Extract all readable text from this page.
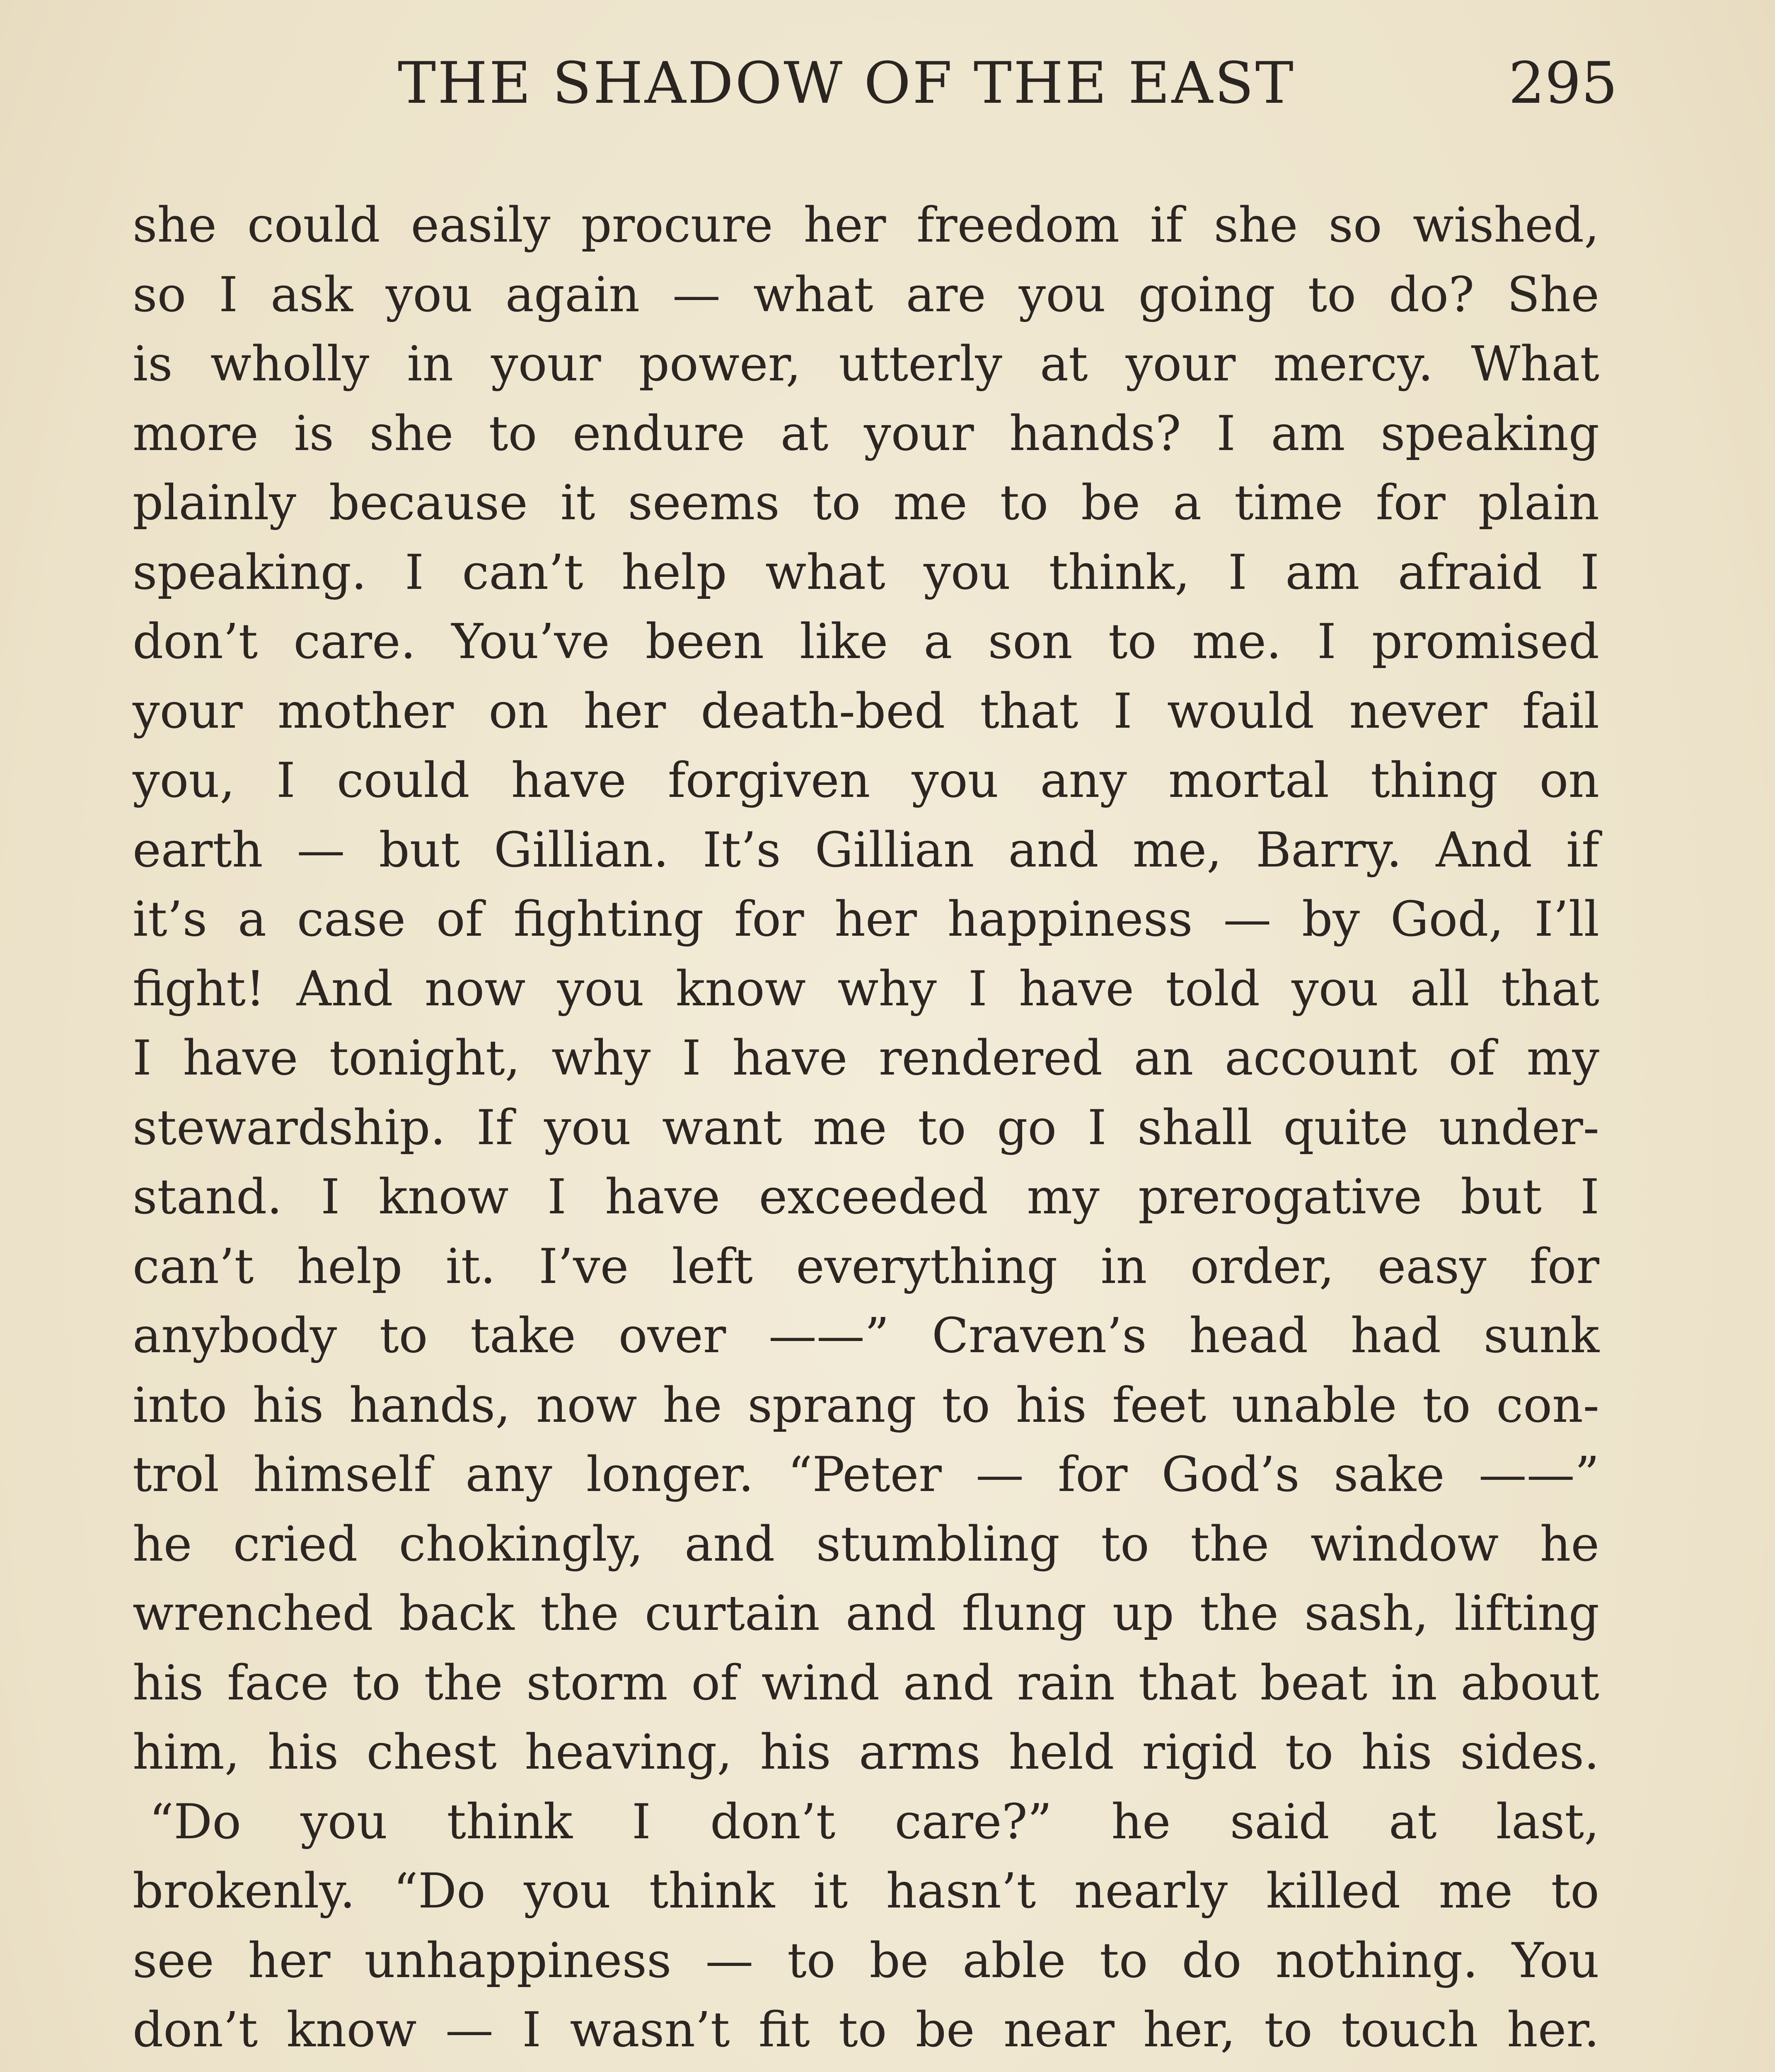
THE SHADOW OF THE EAST	295
she could easily procure her freedom if she so wished,
so I ask you again — what are you going to do? She
is wholly in your power, utterly at your mercy. What
more is she to endure at your hands? I am speaking
plainly because it seems to me to be a time for plain
speaking. I can’t help what you think, I am afraid I
don’t care. You’ve been like a son to me. I promised
your mother on her death-bed that I would never fail
you, I could have forgiven you any mortal thing on
earth — but Gillian. It’s Gillian and me, Barry. And if
it’s a case of fighting for her happiness — by God, I’ll
fight! And now you know why I have told you all that
I have tonight, why I have rendered an account of my
stewardship. If you want me to go I shall quite under-
stand. I know I have exceeded my prerogative but I
can’t help it. I’ve left everything in order, easy for
anybody to take over ——” Craven’s head had sunk
into his hands, now he sprang to his feet unable to con-
trol himself any longer. “Peter — for God’s sake ——”
he cried chokingly, and stumbling to the window he
wrenched back the curtain and flung up the sash, lifting
his face to the storm of wind and rain that beat in about
him, his chest heaving, his arms held rigid to his sides.
“Do you think I don’t care?” he said at last,
brokenly. “Do you think it hasn’t nearly killed me to
see her unhappiness — to be able to do nothing. You
don’t know — I wasn’t fit to be near her, to touch her.
